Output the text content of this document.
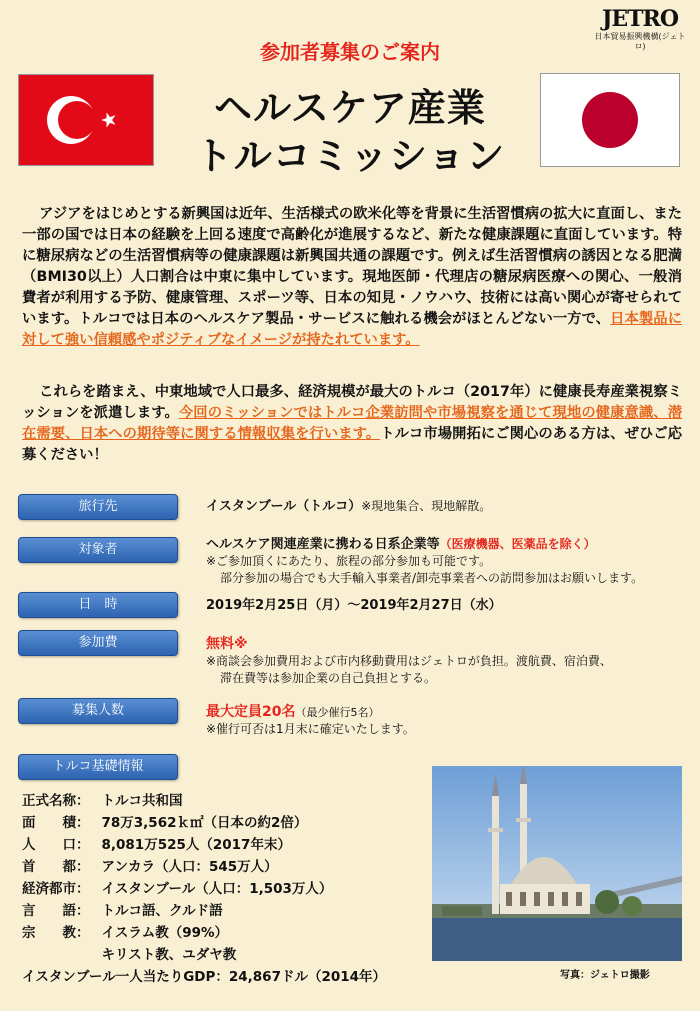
参加者募集のご案内
JETRO
日本貿易振興機構(ジェトロ)
ヘルスケア産業
トルコミッション

アジアをはじめとする新興国は近年、生活様式の欧米化等を背景に生活習慣病の拡大に直面し、また一部の国では日本の経験を上回る速度で高齢化が進展するなど、新たな健康課題に直面しています。特に糖尿病などの生活習慣病等の健康課題は新興国共通の課題です。例えば生活習慣病の誘因となる肥満（BMI30以上）人口割合は中東に集中しています。現地医師・代理店の糖尿病医療への関心、一般消費者が利用する予防、健康管理、スポーツ等、日本の知見・ノウハウ、技術には高い関心が寄せられています。トルコでは日本のヘルスケア製品・サービスに触れる機会がほとんどない一方で、日本製品に対して強い信頼感やポジティブなイメージが持たれています。

これらを踏まえ、中東地域で人口最多、経済規模が最大のトルコ（2017年）に健康長寿産業視察ミッションを派遣します。今回のミッションではトルコ企業訪問や市場視察を通じて現地の健康意識、潜在需要、日本への期待等に関する情報収集を行います。トルコ市場開拓にご関心のある方は、ぜひご応募ください！

旅行先	イスタンブール（トルコ）※現地集合、現地解散。
対象者	ヘルスケア関連産業に携わる日系企業等（医療機器、医薬品を除く）
※ご参加頂くにあたり、旅程の部分参加も可能です。
部分参加の場合でも大手輸入事業者/卸売事業者への訪問参加はお願いします。
日　時	2019年2月25日（月）～2019年2月27日（水）
参加費	無料※
※商談会参加費用および市内移動費用はジェトロが負担。渡航費、宿泊費、
滞在費等は参加企業の自己負担とする。
募集人数	最大定員20名（最少催行5名）
※催行可否は1月末に確定いたします。
トルコ基礎情報
正式名称：	トルコ共和国
面　　積：	78万3,562ｋ㎡（日本の約2倍）
人　　口：	8,081万525人（2017年末）
首　　都：	アンカラ（人口：545万人）
経済都市：	イスタンブール（人口：1,503万人）
言　　語：	トルコ語、クルド語
宗　　教：	イスラム教（99%）
	キリスト教、ユダヤ教
イスタンブール一人当たりGDP：24,867ドル（2014年）	写真：ジェトロ撮影
